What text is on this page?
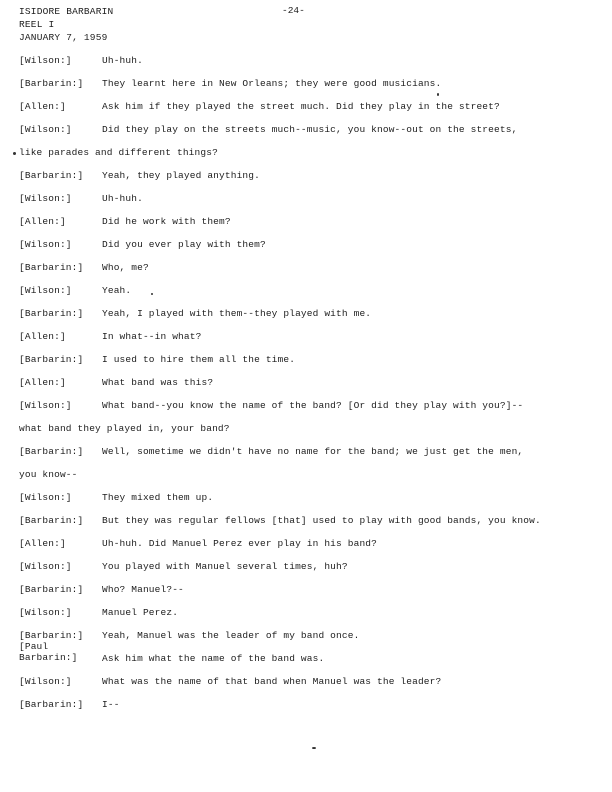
ISIDORE BARBARIN
REEL I
JANUARY 7, 1959
-24-
[Wilson:]	Uh-huh.
[Barbarin:] They learnt here in New Orleans; they were good musicians.
[Allen:]	Ask him if they played the street much. Did they play in the street?
[Wilson:]	Did they play on the streets much--music, you know--out on the streets,
like parades and different things?
[Barbarin:] Yeah, they played anything.
[Wilson:]	Uh-huh.
[Allen:]	Did he work with them?
[Wilson:]	Did you ever play with them?
[Barbarin:] Who, me?
[Wilson:]	Yeah.
[Barbarin:] Yeah, I played with them--they played with me.
[Allen:]	In what--in what?
[Barbarin:] I used to hire them all the time.
[Allen:]	What band was this?
[Wilson:]	What band--you know the name of the band? [Or did they play with you?]--
what band they played in, your band?
[Barbarin:] Well, sometime we didn't have no name for the band; we just get the men,
you know--
[Wilson:]	They mixed them up.
[Barbarin:] But they was regular fellows [that] used to play with good bands, you know.
[Allen:]	Uh-huh. Did Manuel Perez ever play in his band?
[Wilson:]	You played with Manuel several times, huh?
[Barbarin:] Who? Manuel?--
[Wilson:]	Manuel Perez.
[Barbarin:] Yeah, Manuel was the leader of my band once.
[Paul
Barbarin:]	Ask him what the name of the band was.
[Wilson:]	What was the name of that band when Manuel was the leader?
[Barbarin:] I--
